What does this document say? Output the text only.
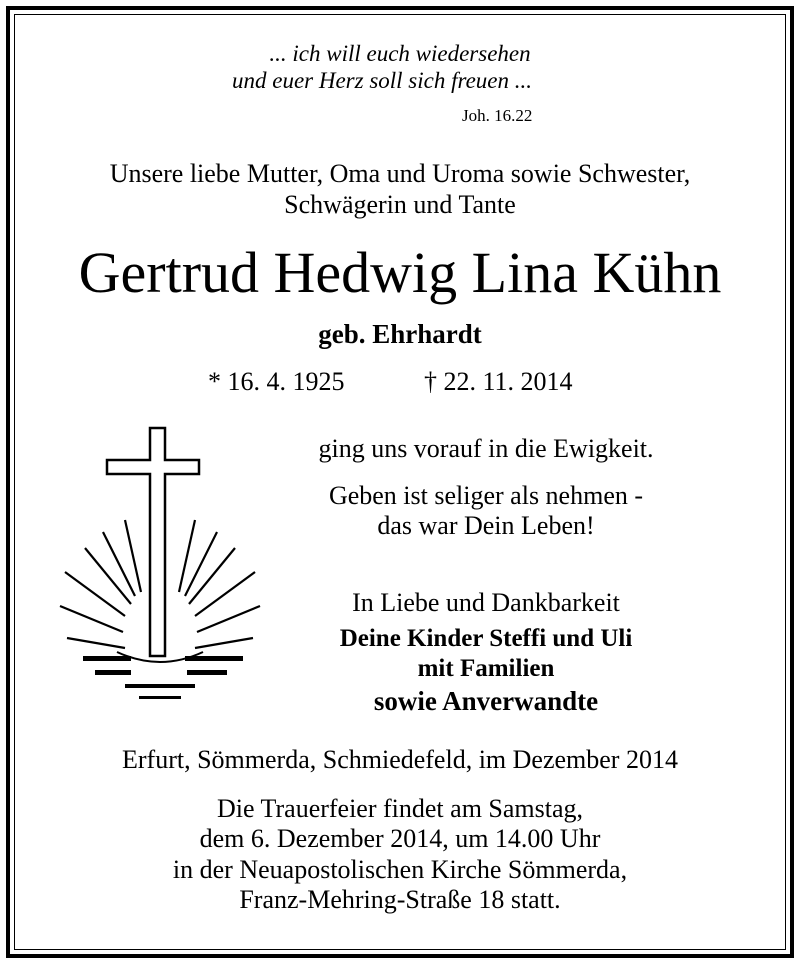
... ich will euch wiedersehen
und euer Herz soll sich freuen ...
Joh. 16.22
Unsere liebe Mutter, Oma und Uroma sowie Schwester,
Schwägerin und Tante
Gertrud Hedwig Lina Kühn
geb. Ehrhardt
* 16. 4. 1925	† 22. 11. 2014
ging uns vorauf in die Ewigkeit.
Geben ist seliger als nehmen -
das war Dein Leben!
In Liebe und Dankbarkeit
Deine Kinder Steffi und Uli
mit Familien
sowie Anverwandte
Erfurt, Sömmerda, Schmiedefeld, im Dezember 2014
Die Trauerfeier findet am Samstag,
dem 6. Dezember 2014, um 14.00 Uhr
in der Neuapostolischen Kirche Sömmerda,
Franz-Mehring-Straße 18 statt.
